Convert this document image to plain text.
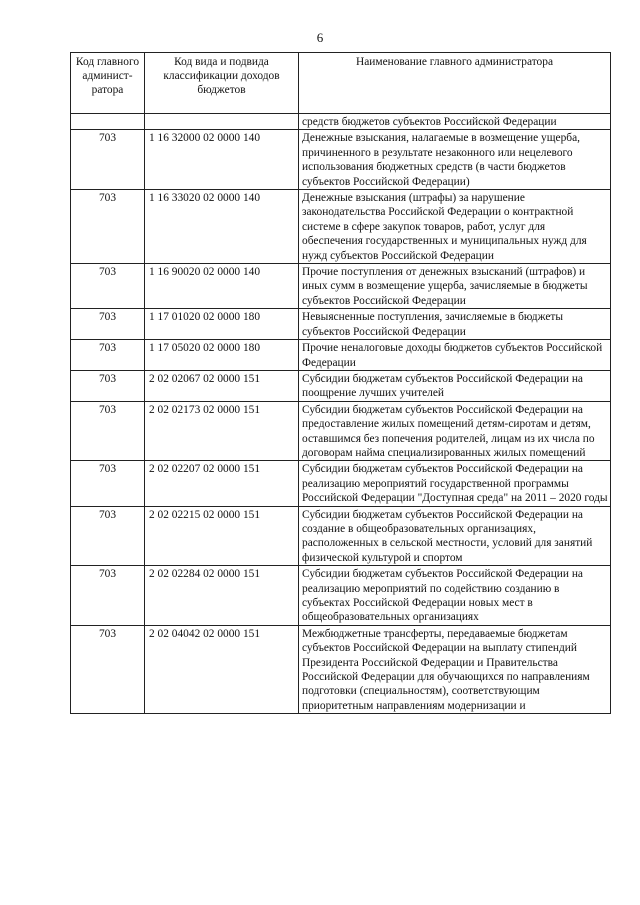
6
Код главного админист-ратора	Код вида и подвида классификации доходов бюджетов	Наименование главного администратора
		средств бюджетов субъектов Российской Федерации
703	1 16 32000 02 0000 140	Денежные взыскания, налагаемые в возмещение ущерба, причиненного в результате незаконного или нецелевого использования бюджетных средств (в части бюджетов субъектов Российской Федерации)
703	1 16 33020 02 0000 140	Денежные взыскания (штрафы) за нарушение законодательства Российской Федерации о контрактной системе в сфере закупок товаров, работ, услуг для обеспечения государственных и муниципальных нужд для нужд субъектов Российской Федерации
703	1 16 90020 02 0000 140	Прочие поступления от денежных взысканий (штрафов) и иных сумм в возмещение ущерба, зачисляемые в бюджеты субъектов Российской Федерации
703	1 17 01020 02 0000 180	Невыясненные поступления, зачисляемые в бюджеты субъектов Российской Федерации
703	1 17 05020 02 0000 180	Прочие неналоговые доходы бюджетов субъектов Российской Федерации
703	2 02 02067 02 0000 151	Субсидии бюджетам субъектов Российской Федерации на поощрение лучших учителей
703	2 02 02173 02 0000 151	Субсидии бюджетам субъектов Российской Федерации на предоставление жилых помещений детям-сиротам и детям, оставшимся без попечения родителей, лицам из их числа по договорам найма специализированных жилых помещений
703	2 02 02207 02 0000 151	Субсидии бюджетам субъектов Российской Федерации на реализацию мероприятий государственной программы Российской Федерации "Доступная среда" на 2011 – 2020 годы
703	2 02 02215 02 0000 151	Субсидии бюджетам субъектов Российской Федерации на создание в общеобразовательных организациях, расположенных в сельской местности, условий для занятий физической культурой и спортом
703	2 02 02284 02 0000 151	Субсидии бюджетам субъектов Российской Федерации на реализацию мероприятий по содействию созданию в субъектах Российской Федерации новых мест в общеобразовательных организациях
703	2 02 04042 02 0000 151	Межбюджетные трансферты, передаваемые бюджетам субъектов Российской Федерации на выплату стипендий Президента Российской Федерации и Правительства Российской Федерации для обучающихся по направлениям подготовки (специальностям), соответствующим приоритетным направлениям модернизации и
